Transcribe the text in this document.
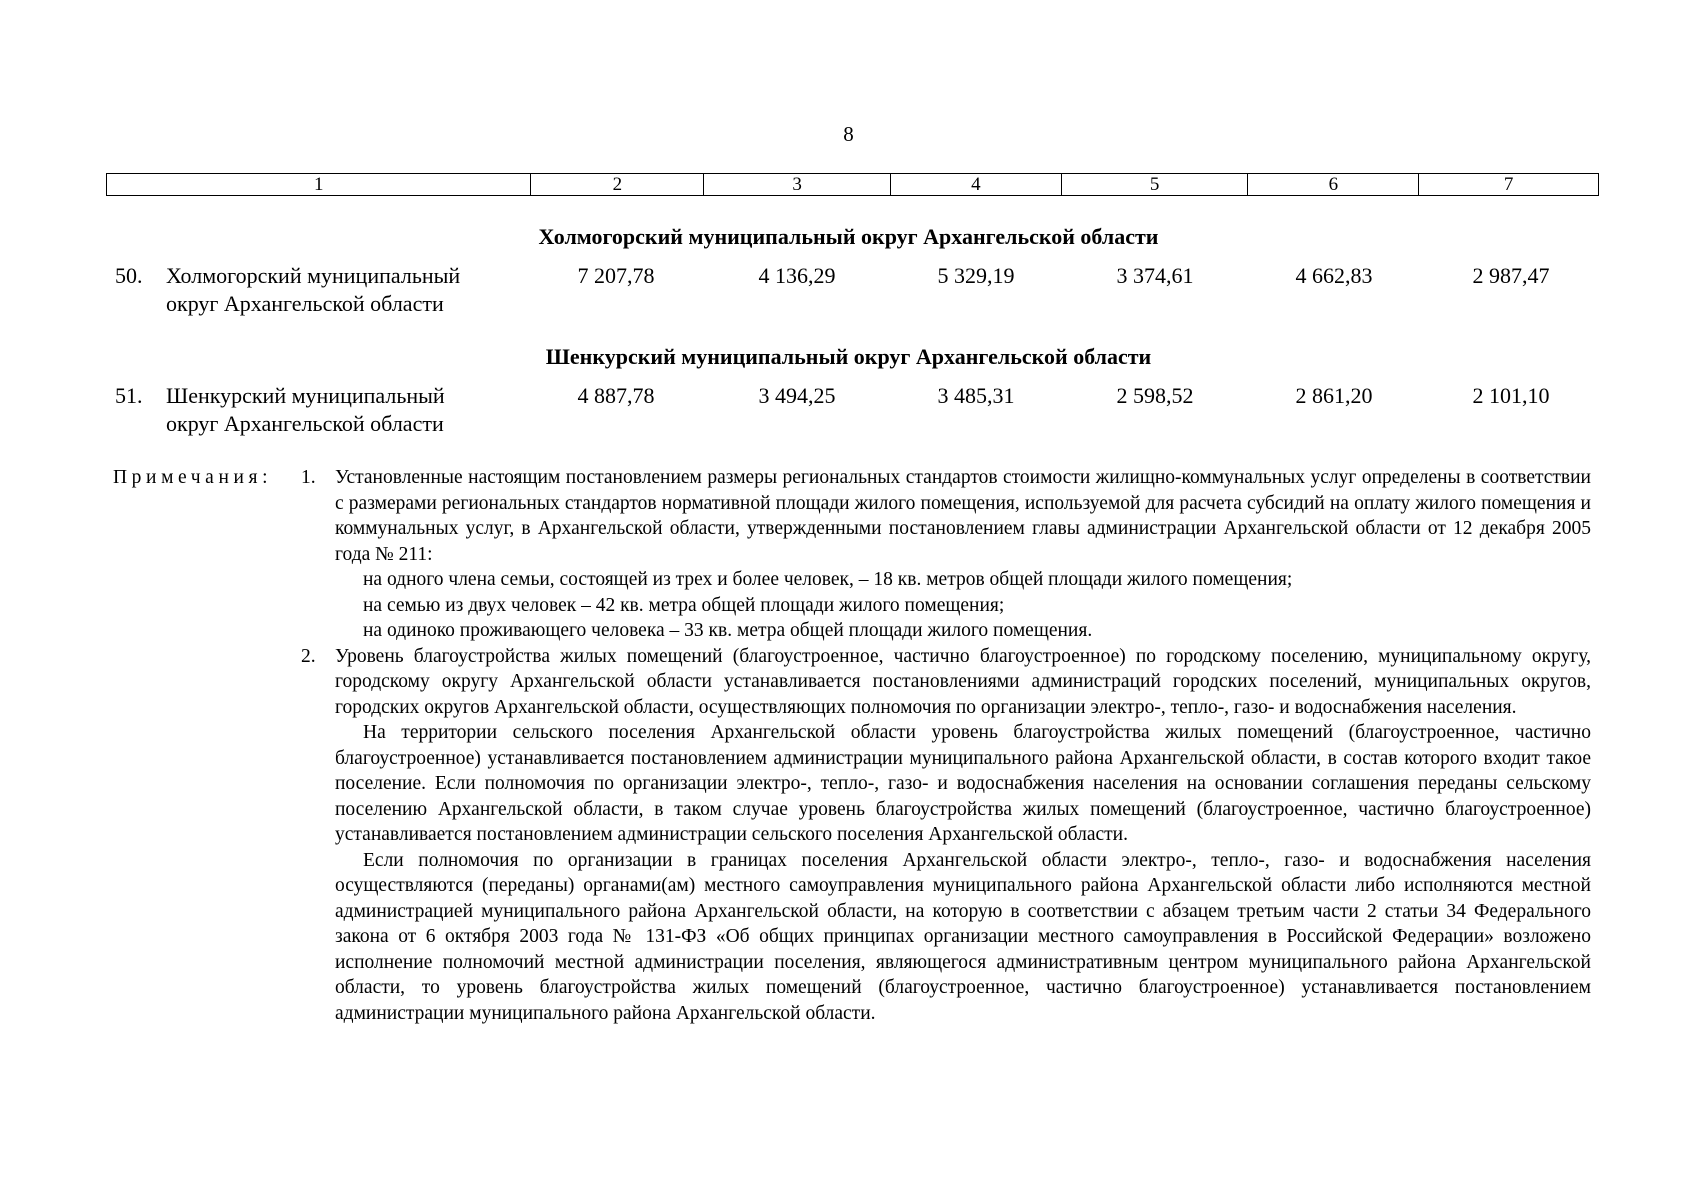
8
1	2	3	4	5	6	7
Холмогорский муниципальный округ Архангельской области
50. Холмогорский муниципальный
округ Архангельской области
7 207,78	4 136,29	5 329,19	3 374,61	4 662,83	2 987,47
Шенкурский муниципальный округ Архангельской области
51. Шенкурский муниципальный
округ Архангельской области
4 887,78	3 494,25	3 485,31	2 598,52	2 861,20	2 101,10
Примечания: 1. Установленные настоящим постановлением размеры региональных стандартов стоимости жилищно-коммунальных услуг определены в соответствии с размерами региональных стандартов нормативной площади жилого помещения, используемой для расчета субсидий на оплату жилого помещения и коммунальных услуг, в Архангельской области, утвержденными постановлением главы администрации Архангельской области от 12 декабря 2005 года № 211:

на одного члена семьи, состоящей из трех и более человек, – 18 кв. метров общей площади жилого помещения;

на семью из двух человек – 42 кв. метра общей площади жилого помещения;

на одиноко проживающего человека – 33 кв. метра общей площади жилого помещения.

2. Уровень благоустройства жилых помещений (благоустроенное, частично благоустроенное) по городскому поселению, муниципальному округу, городскому округу Архангельской области устанавливается постановлениями администраций городских поселений, муниципальных округов, городских округов Архангельской области, осуществляющих полномочия по организации электро-, тепло-, газо- и водоснабжения населения.

На территории сельского поселения Архангельской области уровень благоустройства жилых помещений (благоустроенное, частично благоустроенное) устанавливается постановлением администрации муниципального района Архангельской области, в состав которого входит такое поселение. Если полномочия по организации электро-, тепло-, газо- и водоснабжения населения на основании соглашения переданы сельскому поселению Архангельской области, в таком случае уровень благоустройства жилых помещений (благоустроенное, частично благоустроенное) устанавливается постановлением администрации сельского поселения Архангельской области.

Если полномочия по организации в границах поселения Архангельской области электро-, тепло-, газо- и водоснабжения населения осуществляются (переданы) органами(ам) местного самоуправления муниципального района Архангельской области либо исполняются местной администрацией муниципального района Архангельской области, на которую в соответствии с абзацем третьим части 2 статьи 34 Федерального закона от 6 октября 2003 года № 131-ФЗ «Об общих принципах организации местного самоуправления в Российской Федерации» возложено исполнение полномочий местной администрации поселения, являющегося административным центром муниципального района Архангельской области, то уровень благоустройства жилых помещений (благоустроенное, частично благоустроенное) устанавливается постановлением администрации муниципального района Архангельской области.
